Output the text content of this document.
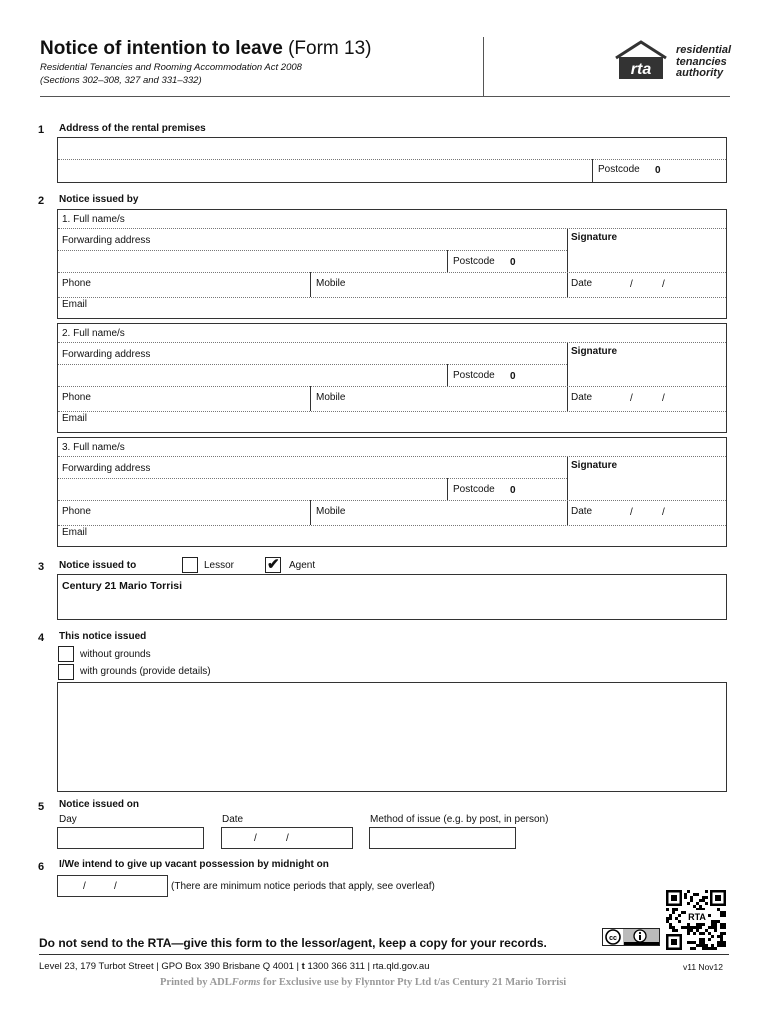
Notice of intention to leave (Form 13)
Residential Tenancies and Rooming Accommodation Act 2008
(Sections 302–308, 327 and 331–332)
rta
residential
tenancies
authority
1 Address of the rental premises
Postcode 0
2 Notice issued by
1. Full name/s
Forwarding address	Signature
Postcode 0
Phone	Mobile	Date	/	/
Email
2. Full name/s
Forwarding address	Signature
Postcode 0
Phone	Mobile	Date	/	/
Email
3. Full name/s
Forwarding address	Signature
Postcode 0
Phone	Mobile	Date	/	/
Email
3 Notice issued to	Lessor ✔ Agent
Century 21 Mario Torrisi
4 This notice issued
without grounds
with grounds (provide details)
5 Notice issued on
Day	Date	Method of issue (e.g. by post, in person)
/	/
6 I/We intend to give up vacant possession by midnight on
/	/	(There are minimum notice periods that apply, see overleaf)
RTA
cc
Do not send to the RTA—give this form to the lessor/agent, keep a copy for your records.
Level 23, 179 Turbot Street | GPO Box 390 Brisbane Q 4001 | t 1300 366 311 | rta.qld.gov.au	v11 Nov12
Printed by ADLForms for Exclusive use by Flynntor Pty Ltd t/as Century 21 Mario Torrisi
